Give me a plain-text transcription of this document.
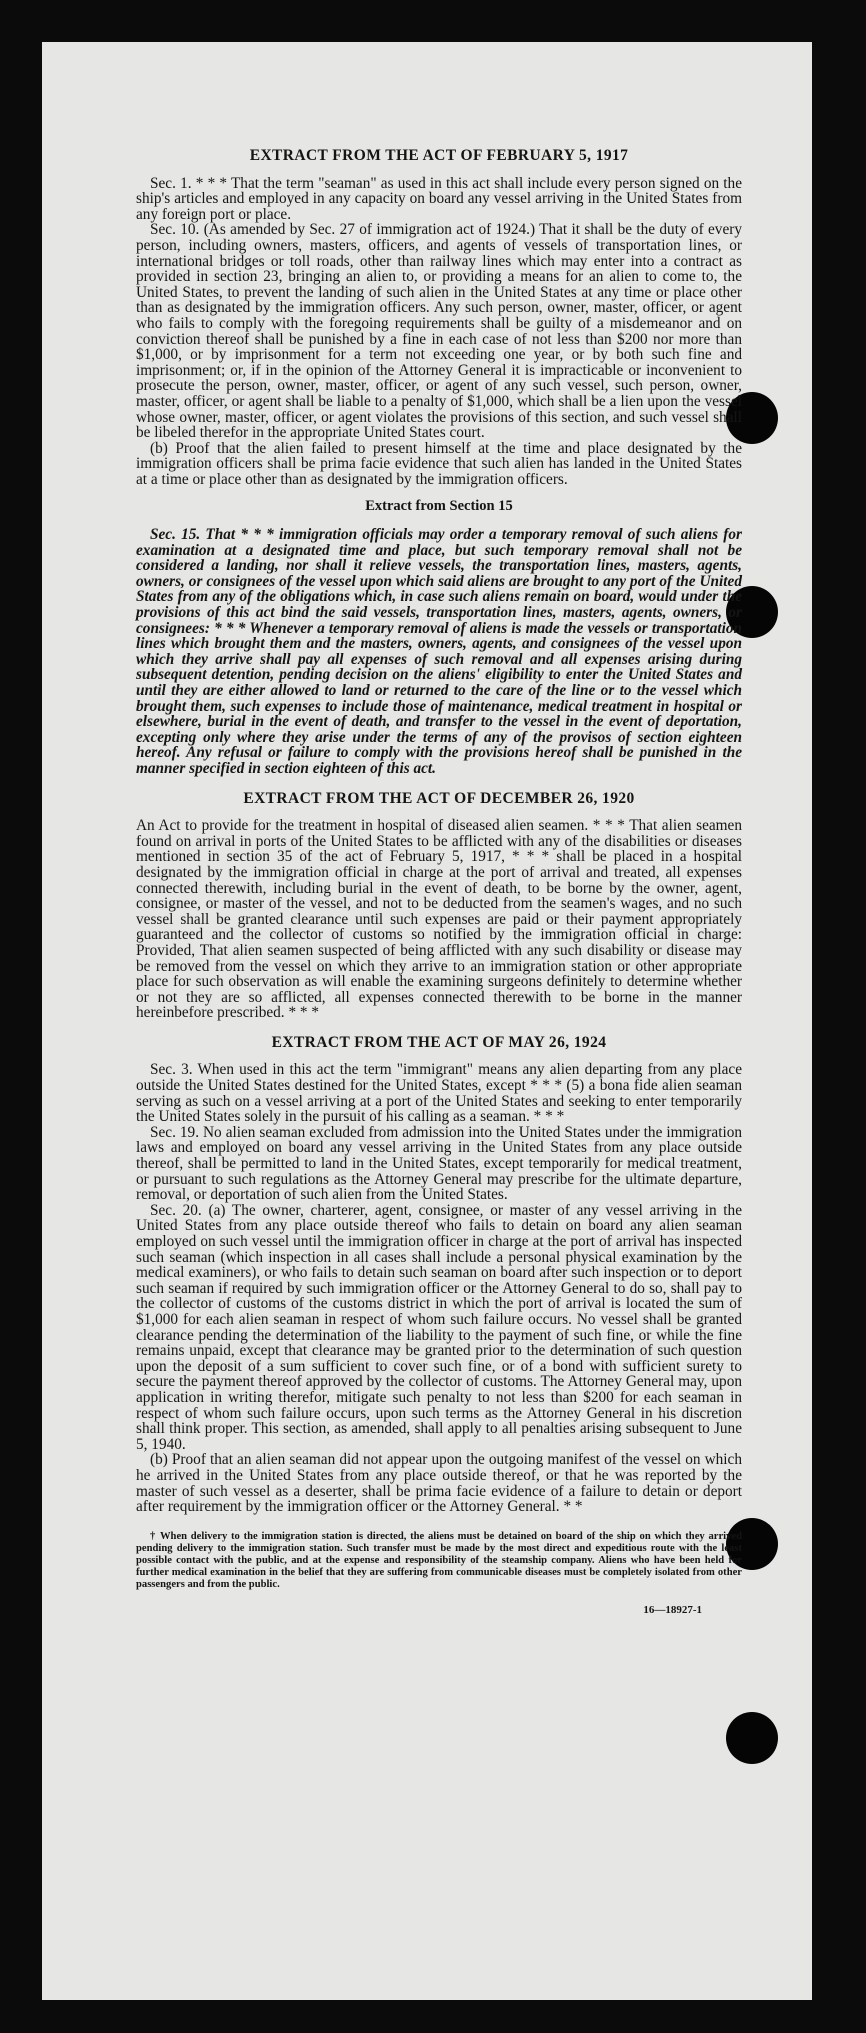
EXTRACT FROM THE ACT OF FEBRUARY 5, 1917

Sec. 1. * * * That the term "seaman" as used in this act shall include every person signed on the ship's articles and employed in any capacity on board any vessel arriving in the United States from any foreign port or place.

Sec. 10. (As amended by Sec. 27 of immigration act of 1924.) That it shall be the duty of every person, including owners, masters, officers, and agents of vessels of transportation lines, or international bridges or toll roads, other than railway lines which may enter into a contract as provided in section 23, bringing an alien to, or providing a means for an alien to come to, the United States, to prevent the landing of such alien in the United States at any time or place other than as designated by the immigration officers. Any such person, owner, master, officer, or agent who fails to comply with the foregoing requirements shall be guilty of a misdemeanor and on conviction thereof shall be punished by a fine in each case of not less than $200 nor more than $1,000, or by imprisonment for a term not exceeding one year, or by both such fine and imprisonment; or, if in the opinion of the Attorney General it is impracticable or inconvenient to prosecute the person, owner, master, officer, or agent of any such vessel, such person, owner, master, officer, or agent shall be liable to a penalty of $1,000, which shall be a lien upon the vessel whose owner, master, officer, or agent violates the provisions of this section, and such vessel shall be libeled therefor in the appropriate United States court.

(b) Proof that the alien failed to present himself at the time and place designated by the immigration officers shall be prima facie evidence that such alien has landed in the United States at a time or place other than as designated by the immigration officers.

Extract from Section 15

Sec. 15. That * * * immigration officials may order a temporary removal of such aliens for examination at a designated time and place, but such temporary removal shall not be considered a landing, nor shall it relieve vessels, the transportation lines, masters, agents, owners, or consignees of the vessel upon which said aliens are brought to any port of the United States from any of the obligations which, in case such aliens remain on board, would under the provisions of this act bind the said vessels, transportation lines, masters, agents, owners, or consignees: * * * Whenever a temporary removal of aliens is made the vessels or transportation lines which brought them and the masters, owners, agents, and consignees of the vessel upon which they arrive shall pay all expenses of such removal and all expenses arising during subsequent detention, pending decision on the aliens' eligibility to enter the United States and until they are either allowed to land or returned to the care of the line or to the vessel which brought them, such expenses to include those of maintenance, medical treatment in hospital or elsewhere, burial in the event of death, and transfer to the vessel in the event of deportation, excepting only where they arise under the terms of any of the provisos of section eighteen hereof. Any refusal or failure to comply with the provisions hereof shall be punished in the manner specified in section eighteen of this act.

EXTRACT FROM THE ACT OF DECEMBER 26, 1920

An Act to provide for the treatment in hospital of diseased alien seamen. * * * That alien seamen found on arrival in ports of the United States to be afflicted with any of the disabilities or diseases mentioned in section 35 of the act of February 5, 1917, * * * shall be placed in a hospital designated by the immigration official in charge at the port of arrival and treated, all expenses connected therewith, including burial in the event of death, to be borne by the owner, agent, consignee, or master of the vessel, and not to be deducted from the seamen's wages, and no such vessel shall be granted clearance until such expenses are paid or their payment appropriately guaranteed and the collector of customs so notified by the immigration official in charge: Provided, That alien seamen suspected of being afflicted with any such disability or disease may be removed from the vessel on which they arrive to an immigration station or other appropriate place for such observation as will enable the examining surgeons definitely to determine whether or not they are so afflicted, all expenses connected therewith to be borne in the manner hereinbefore prescribed. * * *

EXTRACT FROM THE ACT OF MAY 26, 1924

Sec. 3. When used in this act the term "immigrant" means any alien departing from any place outside the United States destined for the United States, except * * * (5) a bona fide alien seaman serving as such on a vessel arriving at a port of the United States and seeking to enter temporarily the United States solely in the pursuit of his calling as a seaman. * * *

Sec. 19. No alien seaman excluded from admission into the United States under the immigration laws and employed on board any vessel arriving in the United States from any place outside thereof, shall be permitted to land in the United States, except temporarily for medical treatment, or pursuant to such regulations as the Attorney General may prescribe for the ultimate departure, removal, or deportation of such alien from the United States.

Sec. 20. (a) The owner, charterer, agent, consignee, or master of any vessel arriving in the United States from any place outside thereof who fails to detain on board any alien seaman employed on such vessel until the immigration officer in charge at the port of arrival has inspected such seaman (which inspection in all cases shall include a personal physical examination by the medical examiners), or who fails to detain such seaman on board after such inspection or to deport such seaman if required by such immigration officer or the Attorney General to do so, shall pay to the collector of customs of the customs district in which the port of arrival is located the sum of $1,000 for each alien seaman in respect of whom such failure occurs. No vessel shall be granted clearance pending the determination of the liability to the payment of such fine, or while the fine remains unpaid, except that clearance may be granted prior to the determination of such question upon the deposit of a sum sufficient to cover such fine, or of a bond with sufficient surety to secure the payment thereof approved by the collector of customs. The Attorney General may, upon application in writing therefor, mitigate such penalty to not less than $200 for each seaman in respect of whom such failure occurs, upon such terms as the Attorney General in his discretion shall think proper. This section, as amended, shall apply to all penalties arising subsequent to June 5, 1940.

(b) Proof that an alien seaman did not appear upon the outgoing manifest of the vessel on which he arrived in the United States from any place outside thereof, or that he was reported by the master of such vessel as a deserter, shall be prima facie evidence of a failure to detain or deport after requirement by the immigration officer or the Attorney General. * *

† When delivery to the immigration station is directed, the aliens must be detained on board of the ship on which they arrived pending delivery to the immigration station. Such transfer must be made by the most direct and expeditious route with the least possible contact with the public, and at the expense and responsibility of the steamship company. Aliens who have been held for further medical examination in the belief that they are suffering from communicable diseases must be completely isolated from other passengers and from the public.
16—18927-1
